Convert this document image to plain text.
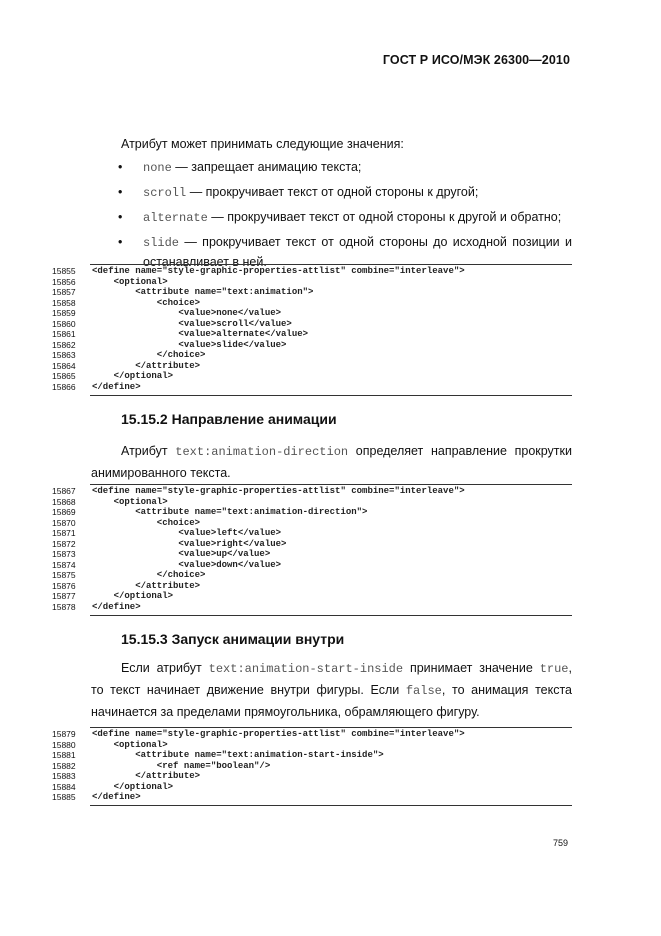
ГОСТ Р ИСО/МЭК 26300—2010
Атрибут может принимать следующие значения:
• none — запрещает анимацию текста;
• scroll — прокручивает текст от одной стороны к другой;
• alternate — прокручивает текст от одной стороны к другой и обратно;
• slide — прокручивает текст от одной стороны до исходной позиции и останавливает в ней.
15855	<define name="style-graphic-properties-attlist" combine="interleave">
15856	<optional>
15857	<attribute name="text:animation">
15858	<choice>
15859	<value>none</value>
15860	<value>scroll</value>
15861	<value>alternate</value>
15862	<value>slide</value>
15863	</choice>
15864	</attribute>
15865	</optional>
15866	</define>
15.15.2 Направление анимации
Атрибут text:animation-direction определяет направление прокрутки
анимированного текста.
15867	<define name="style-graphic-properties-attlist" combine="interleave">
15868	<optional>
15869	<attribute name="text:animation-direction">
15870	<choice>
15871	<value>left</value>
15872	<value>right</value>
15873	<value>up</value>
15874	<value>down</value>
15875	</choice>
15876	</attribute>
15877	</optional>
15878	</define>
15.15.3 Запуск анимации внутри
Если атрибут text:animation-start-inside принимает значение true,
то текст начинает движение внутри фигуры. Если false, то анимация текста
начинается за пределами прямоугольника, обрамляющего фигуру.
15879	<define name="style-graphic-properties-attlist" combine="interleave">
15880	<optional>
15881	<attribute name="text:animation-start-inside">
15882	<ref name="boolean"/>
15883	</attribute>
15884	</optional>
15885	</define>
759
